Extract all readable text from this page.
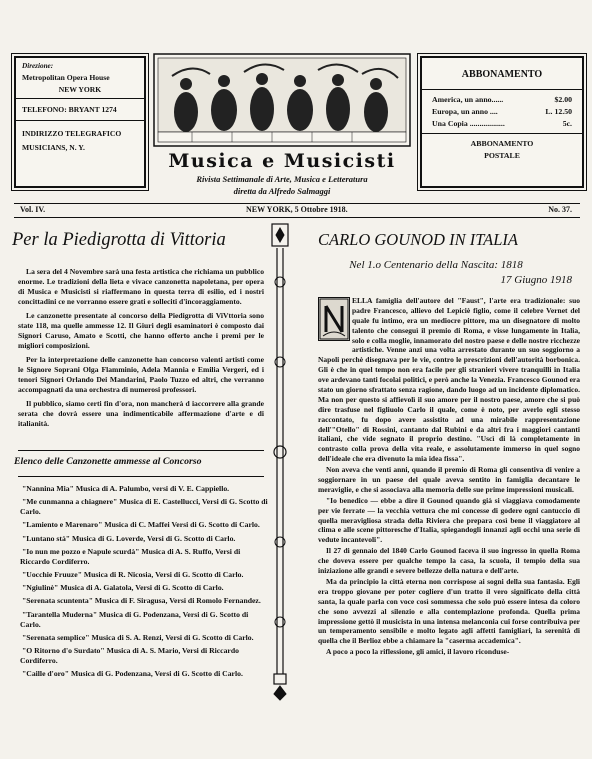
Direzione:
Metropolitan Opera House
NEW YORK
TELEFONO: BRYANT 1274
INDIRIZZO TELEGRAFICO
MUSICIANS, N. Y.
Musica e Musicisti
Rivista Settimanale di Arte, Musica e Letteratura
diretta da Alfredo Salmaggi
ABBONAMENTO
America, un anno......	$2.00
Europa, un anno ....	L. 12.50
Una Copia ..................	5c.
ABBONAMENTO
POSTALE
Vol. IV.	NEW YORK, 5 Ottobre 1918.	No. 37.
Per la Piedigrotta di Vittoria

La sera del 4 Novembre sarà una festa artistica che richiama un pubblico enorme. Le tradizioni della lieta e vivace canzonetta napoletana, per opera di Musica e Musicisti si riaffermano in questa terra di esilio, ed i nostri concittadini ce ne vorranno essere grati e solleciti d'incoraggiamento.

Le canzonette presentate al concorso della Piedigrotta di ViVttoria sono state 118, ma quelle ammesse 12. Il Giuri degli esaminatori è composto dai Signori Caruso, Amato e Scotti, che hanno offerto anche i premi per le migliori composizioni.

Per la interpretazione delle canzonette han concorso valenti artisti come le Signore Soprani Olga Flamminio, Adela Mannia e Emilia Vergeri, ed i tenori Signori Orlando Dei Mandarini, Paolo Tuzzo ed altri, che verranno accompagnati da una orchestra di numerosi professori.

Il pubblico, siamo certi fin d'ora, non mancherà d iaccorrere alla grande serata che dovrà essere una indimenticabile affermazione d'arte e di italianità.

Elenco delle Canzonette ammesse al Concorso
"Nannina Mia" Musica di A. Palumbo, versi di V. E. Cappiello.
"Me cunmanna a chiagnere" Musica di E. Castellucci, Versi di G. Scotto di Carlo.
"Lamiento e Marenaro" Musica di C. Maffei Versi di G. Scotto di Carlo.
"Luntano stà" Musica di G. Loverde, Versi di G. Scotto di Carlo.
"Io nun me pozzo e Napule scurdà" Musica di A. S. Ruffo, Versi di Riccardo Cordiferro.
"Uocchie Fruuze" Musica di R. Nicosia, Versi di G. Scotto di Carlo.
"Ngiulinè" Musica di A. Galatola, Versi di G. Scotto di Carlo.
"Serenata scuntenta" Musica di F. Siragusa, Versi di Romolo Fernandez.
"Tarantella Muderna" Musica di G. Podenzana, Versi di G. Scotto di Carlo.
"Serenata semplice" Musica di S. A. Renzi, Versi di G. Scotto di Carlo.
"O Ritorno d'o Surdato" Musica di A. S. Mario, Versi di Riccardo Cordiferro.
"Caille d'oro" Musica di G. Podenzana, Versi di G. Scotto di Carlo.
CARLO GOUNOD IN ITALIA
Nel 1.o Centenario della Nascita: 1818
17 Giugno 1918

ELLA famiglia dell'autore del "Faust", l'arte era tradizionale: suo padre Francesco, allievo del Lepiciè figlio, come il celebre Vernet del quale fu intimo, era un mediocre pittore, ma un disegnatore di molto talento che conseguì il premio di Roma, e visse lungamente in Italia, solo e colla moglie, innamorato del nostro paese e delle nostre ricchezze artistiche. Venne anzi una volta arrestato durante un suo soggiorno a Napoli perchè disegnava per le vie, contro le prescrizioni dell'autorità borbonica. Gli è che in quel tempo non era facile per gli stranieri vivere tranquilli in Italia ove ardevano tanti focolai politici, e però anche la Venezia. Francesco Gounod era stato un giorno sfrattato senza ragione, dando luogo ad un incidente diplomatico. Ma non per questo si affievolì il suo amore per il nostro paese, amore che si può dire trasfuse nel figliuolo Carlo il quale, come è noto, per averlo egli stesso raccontato, fu dopo avere assistito ad una mirabile rappresentazione dell'"Otello" di Rossini, cantanto dal Rubini e da altri fra i maggiori cantanti italiani, che vide segnato il proprio destino. "Uscì di là completamente in contrasto colla prova della vita reale, e assolutamente immerso in quel sogno dell'ideale che era divenuto la mia idea fissa".

Non aveva che venti anni, quando il premio di Roma gli consentiva di venire a soggiornare in un paese del quale aveva sentito in famiglia decantare le meraviglie, e che si associava alla memoria delle sue prime impressioni musicali.

"Io benedico — ebbe a dire il Gounod quando già si viaggiava comodamente per vie ferrate — la vecchia vettura che mi concesse di godere ogni cantuccio di quella meravigliosa strada della Riviera che prepara così bene il viaggiatore al clima e alle scene pittoresche d'Italia, spiegandogli innanzi agli occhi una serie di vedute incantevoli".

Il 27 di gennaio del 1840 Carlo Gounod faceva il suo ingresso in quella Roma che doveva essere per qualche tempo la casa, la scuola, il tempio della sua iniziazione alle grandi e severe bellezze della natura e dell'arte.

Ma da principio la città eterna non corrispose ai sogni della sua fantasia. Egli era troppo giovane per poter cogliere d'un tratto il vero significato della città santa, la quale parla con voce così sommessa che solo può essere intesa da coloro che sono avvezzi al silenzio e alla contemplazione profonda. Quella prima impressione gettò il musicista in una intensa melanconia cui forse contribuiva per un temperamento sensibile e molto legato agli affetti famigliari, la serenità di quella che il Berlioz ebbe a chiamare la "caserma accademica".

A poco a poco la riflessione, gli amici, il lavoro riconduse-
